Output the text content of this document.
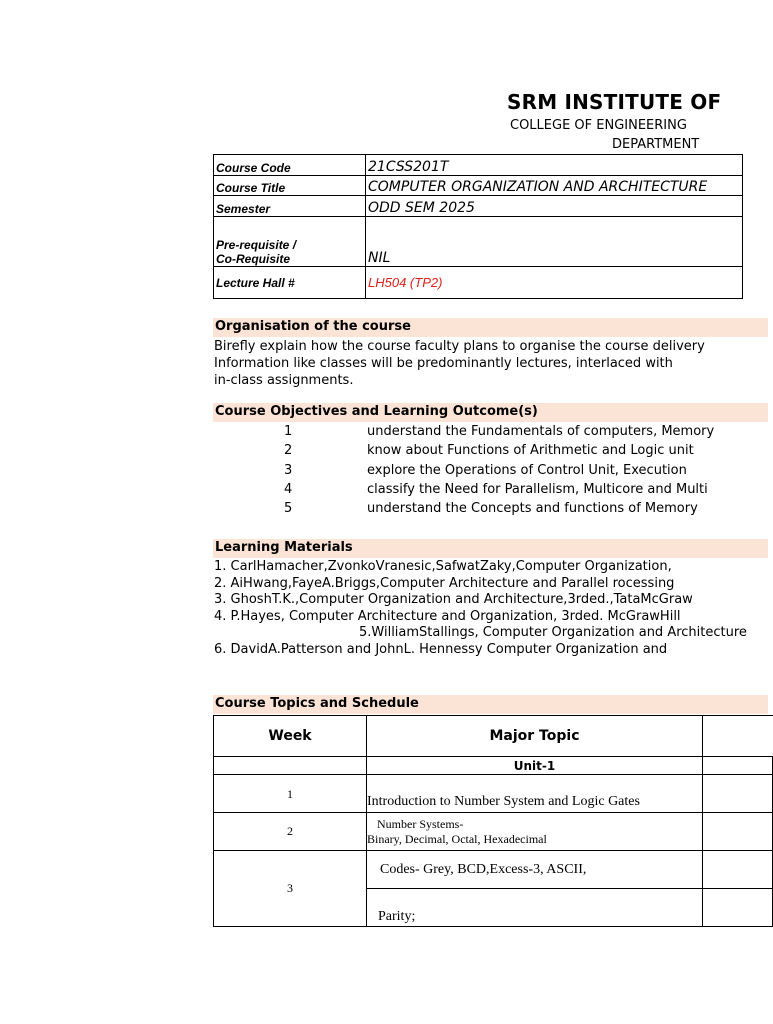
SRM INSTITUTE OF
COLLEGE OF ENGINEERING
DEPARTMENT
Course Code	21CSS201T
Course Title	COMPUTER ORGANIZATION AND ARCHITECTURE
Semester	ODD SEM 2025

Pre-requisite /
Co-Requisite	NIL
Lecture Hall #	LH504 (TP2)
Organisation of the course
Birefly explain how the course faculty plans to organise the course delivery
Information like classes will be predominantly lectures, interlaced with
in-class assignments.
Course Objectives and Learning Outcome(s)
1	understand the Fundamentals of computers, Memory
2	know about Functions of Arithmetic and Logic unit
3	explore the Operations of Control Unit, Execution
4	classify the Need for Parallelism, Multicore and Multi
5	understand the Concepts and functions of Memory
Learning Materials
1. CarlHamacher,ZvonkoVranesic,SafwatZaky,Computer Organization,
2. AiHwang,FayeA.Briggs,Computer Architecture and Parallel rocessing
3. GhoshT.K.,Computer Organization and Architecture,3rded.,TataMcGraw
4. P.Hayes, Computer Architecture and Organization, 3rded. McGrawHill
5.WilliamStallings, Computer Organization and Architecture
6. DavidA.Patterson and JohnL. Hennessy Computer Organization and
Course Topics and Schedule
Week	Major Topic	
	Unit-1	
1	Introduction to Number System and Logic Gates	
2	Number Systems-
Binary, Decimal, Octal, Hexadecimal	

3	Codes- Grey, BCD,Excess-3, ASCII,	
	Parity;	
